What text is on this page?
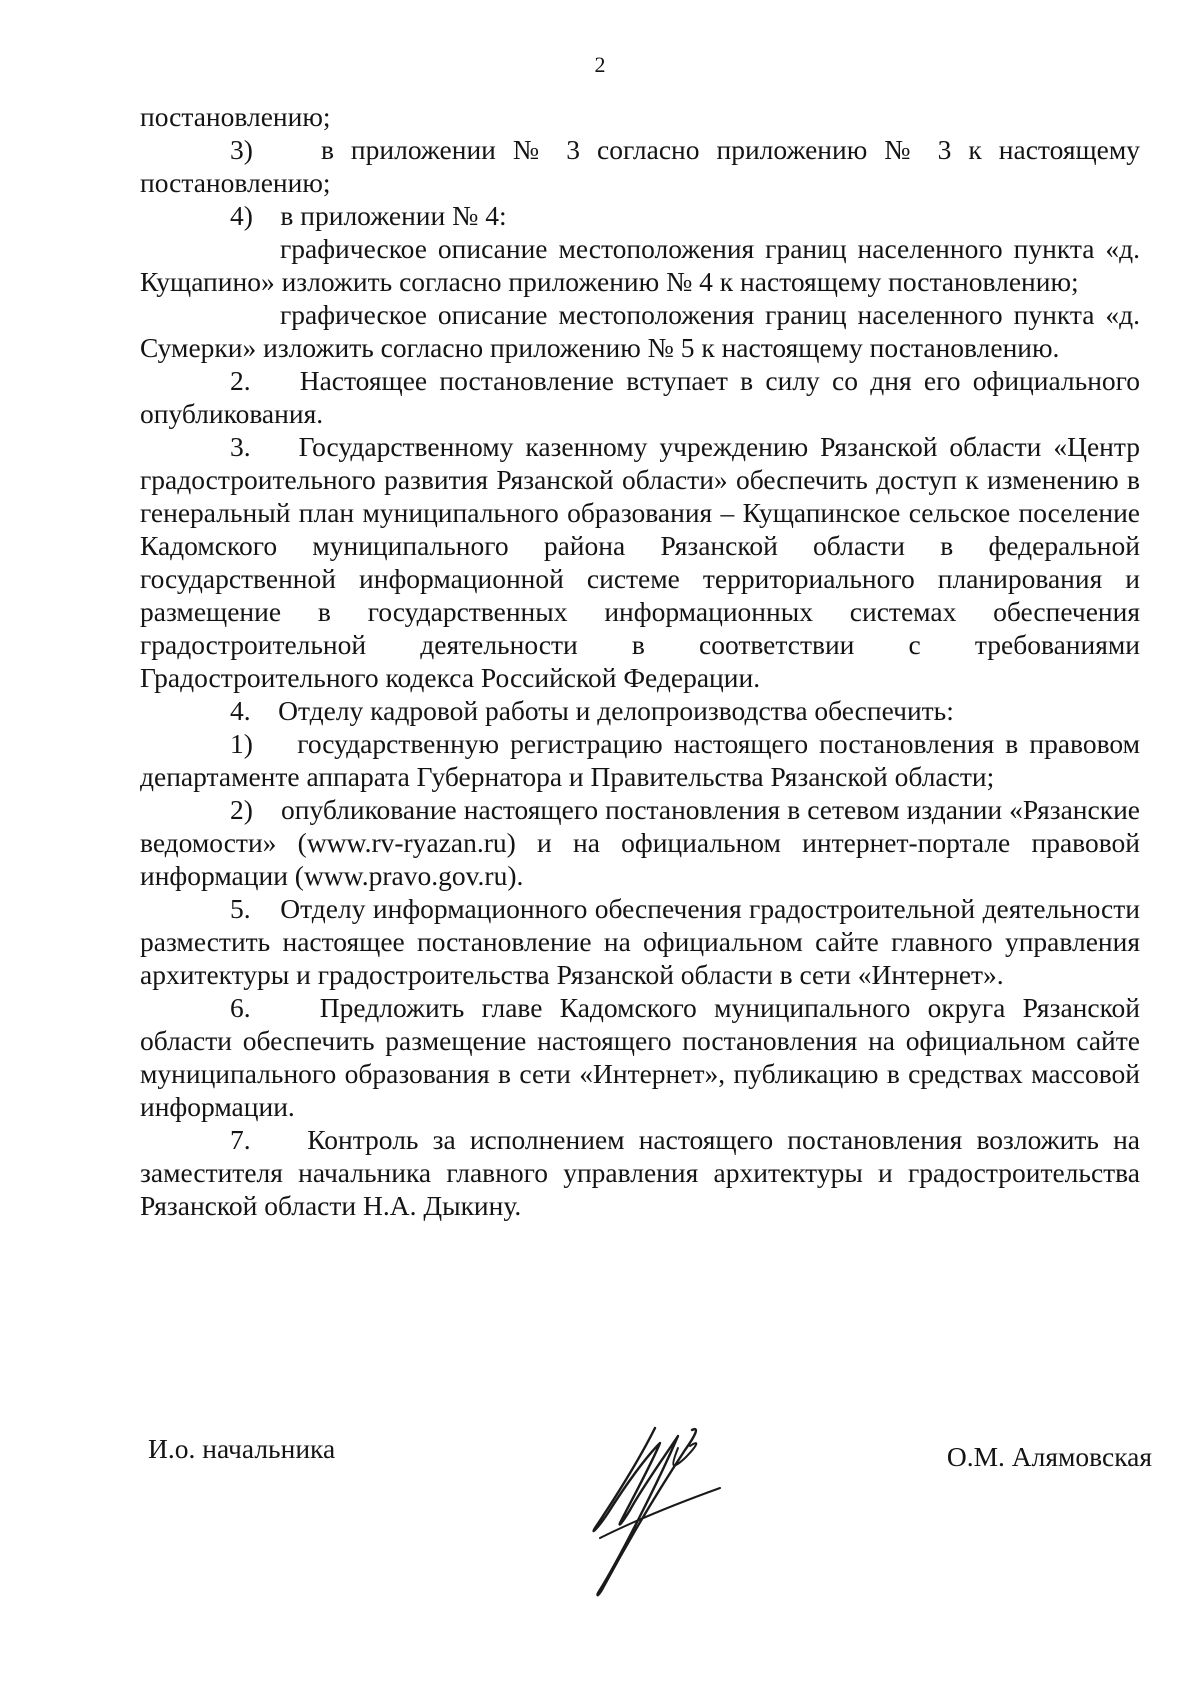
2

постановлению;

3)    в приложении № 3 согласно приложению № 3 к настоящему постановлению;

4)    в приложении № 4:

графическое описание местоположения границ населенного пункта «д. Кущапино» изложить согласно приложению № 4 к настоящему постановлению;

графическое описание местоположения границ населенного пункта «д. Сумерки» изложить согласно приложению № 5 к настоящему постановлению.

2.    Настоящее постановление вступает в силу со дня его официального опубликования.

3.    Государственному казенному учреждению Рязанской области «Центр градостроительного развития Рязанской области» обеспечить доступ к изменению в генеральный план муниципального образования – Кущапинское сельское поселение Кадомского муниципального района Рязанской области в федеральной государственной информационной системе территориального планирования и размещение в государственных информационных системах обеспечения градостроительной деятельности в соответствии с требованиями Градостроительного кодекса Российской Федерации.

4.    Отделу кадровой работы и делопроизводства обеспечить:

1)    государственную регистрацию настоящего постановления в правовом департаменте аппарата Губернатора и Правительства Рязанской области;

2)    опубликование настоящего постановления в сетевом издании «Рязанские ведомости» (www.rv-ryazan.ru) и на официальном интернет-портале правовой информации (www.pravo.gov.ru).

5.    Отделу информационного обеспечения градостроительной деятельности разместить настоящее постановление на официальном сайте главного управления архитектуры и градостроительства Рязанской области в сети «Интернет».

6.    Предложить главе Кадомского муниципального округа Рязанской области обеспечить размещение настоящего постановления на официальном сайте муниципального образования в сети «Интернет», публикацию в средствах массовой информации.

7.    Контроль за исполнением настоящего постановления возложить на заместителя начальника главного управления архитектуры и градостроительства Рязанской области Н.А. Дыкину.

И.о. начальника	О.М. Алямовская
